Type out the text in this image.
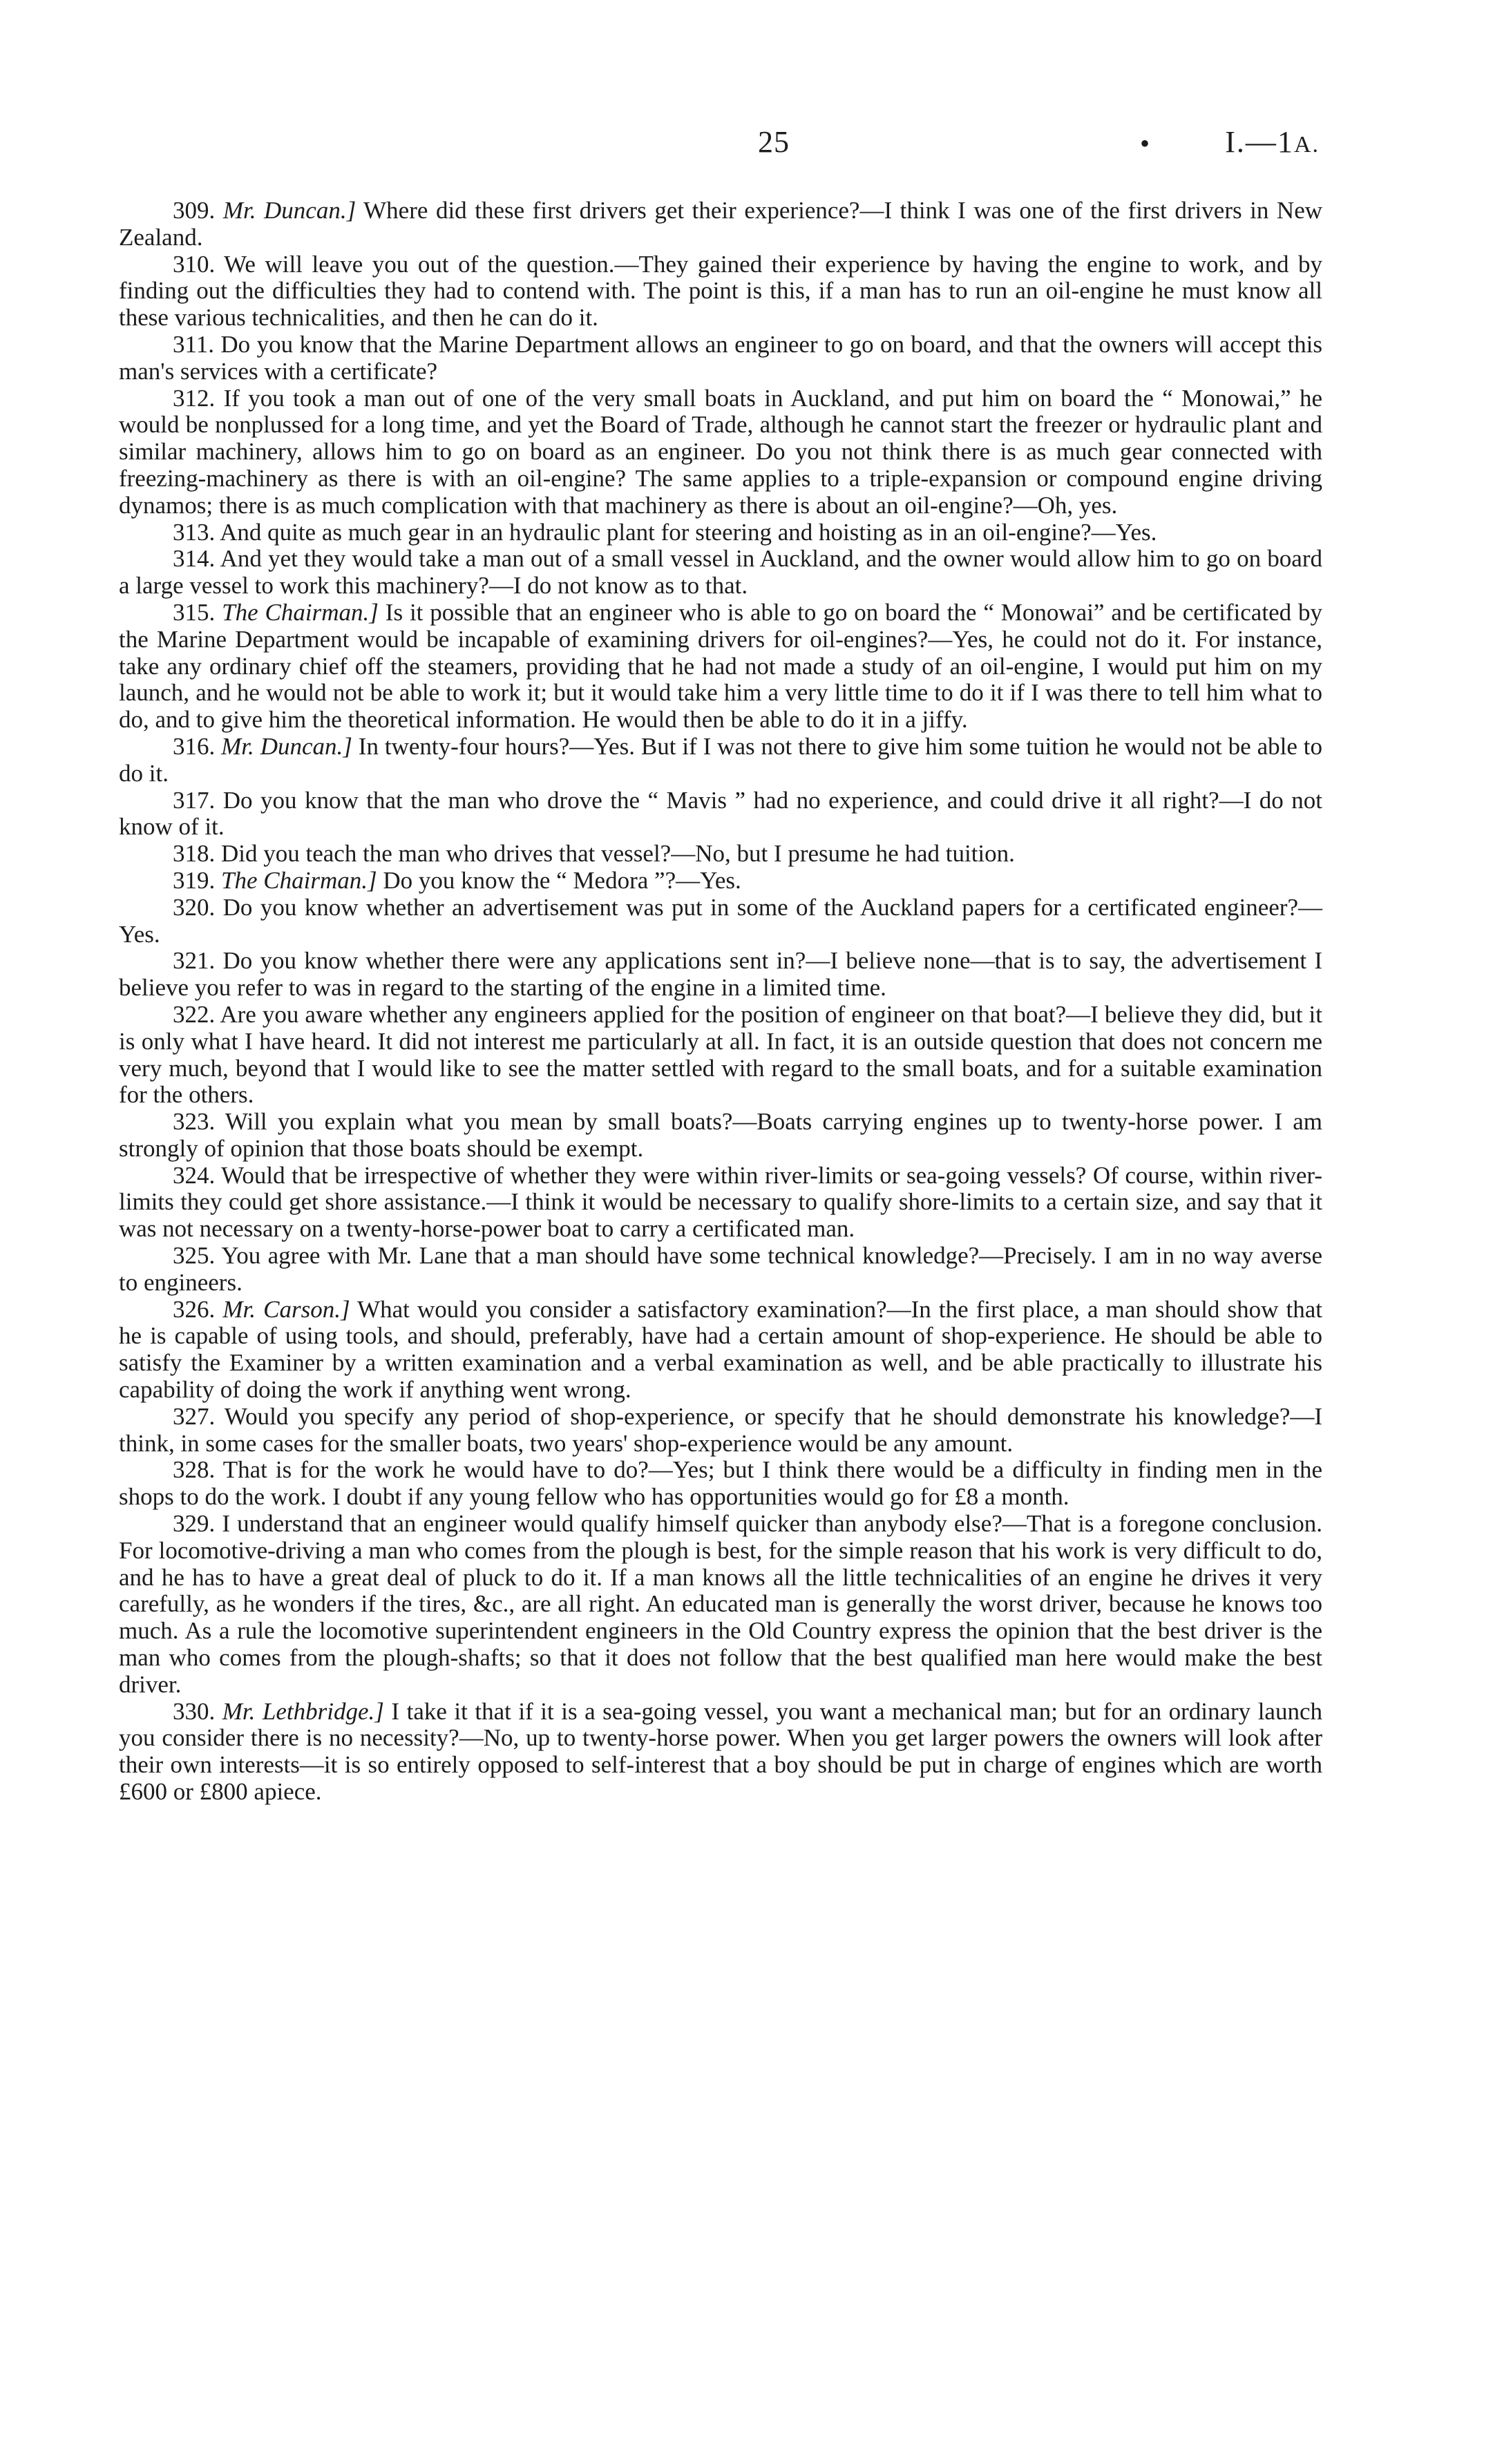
25	• I.—1A.

309. Mr. Duncan.] Where did these first drivers get their experience?—I think I was one of the first drivers in New Zealand.

310. We will leave you out of the question.—They gained their experience by having the engine to work, and by finding out the difficulties they had to contend with. The point is this, if a man has to run an oil-engine he must know all these various technicalities, and then he can do it.

311. Do you know that the Marine Department allows an engineer to go on board, and that the owners will accept this man's services with a certificate?

312. If you took a man out of one of the very small boats in Auckland, and put him on board the “ Monowai,” he would be nonplussed for a long time, and yet the Board of Trade, although he cannot start the freezer or hydraulic plant and similar machinery, allows him to go on board as an engineer. Do you not think there is as much gear connected with freezing-machinery as there is with an oil-engine? The same applies to a triple-expansion or compound engine driving dynamos; there is as much complication with that machinery as there is about an oil-engine?—Oh, yes.

313. And quite as much gear in an hydraulic plant for steering and hoisting as in an oil-engine?—Yes.

314. And yet they would take a man out of a small vessel in Auckland, and the owner would allow him to go on board a large vessel to work this machinery?—I do not know as to that.

315. The Chairman.] Is it possible that an engineer who is able to go on board the “ Monowai” and be certificated by the Marine Department would be incapable of examining drivers for oil-engines?—Yes, he could not do it. For instance, take any ordinary chief off the steamers, providing that he had not made a study of an oil-engine, I would put him on my launch, and he would not be able to work it; but it would take him a very little time to do it if I was there to tell him what to do, and to give him the theoretical information. He would then be able to do it in a jiffy.

316. Mr. Duncan.] In twenty-four hours?—Yes. But if I was not there to give him some tuition he would not be able to do it.

317. Do you know that the man who drove the “ Mavis ” had no experience, and could drive it all right?—I do not know of it.

318. Did you teach the man who drives that vessel?—No, but I presume he had tuition.

319. The Chairman.] Do you know the “ Medora ”?—Yes.

320. Do you know whether an advertisement was put in some of the Auckland papers for a certificated engineer?—Yes.

321. Do you know whether there were any applications sent in?—I believe none—that is to say, the advertisement I believe you refer to was in regard to the starting of the engine in a limited time.

322. Are you aware whether any engineers applied for the position of engineer on that boat?—I believe they did, but it is only what I have heard. It did not interest me particularly at all. In fact, it is an outside question that does not concern me very much, beyond that I would like to see the matter settled with regard to the small boats, and for a suitable examination for the others.

323. Will you explain what you mean by small boats?—Boats carrying engines up to twenty-horse power. I am strongly of opinion that those boats should be exempt.

324. Would that be irrespective of whether they were within river-limits or sea-going vessels? Of course, within river-limits they could get shore assistance.—I think it would be necessary to qualify shore-limits to a certain size, and say that it was not necessary on a twenty-horse-power boat to carry a certificated man.

325. You agree with Mr. Lane that a man should have some technical knowledge?—Precisely. I am in no way averse to engineers.

326. Mr. Carson.] What would you consider a satisfactory examination?—In the first place, a man should show that he is capable of using tools, and should, preferably, have had a certain amount of shop-experience. He should be able to satisfy the Examiner by a written examination and a verbal examination as well, and be able practically to illustrate his capability of doing the work if anything went wrong.

327. Would you specify any period of shop-experience, or specify that he should demonstrate his knowledge?—I think, in some cases for the smaller boats, two years' shop-experience would be any amount.

328. That is for the work he would have to do?—Yes; but I think there would be a difficulty in finding men in the shops to do the work. I doubt if any young fellow who has opportunities would go for £8 a month.

329. I understand that an engineer would qualify himself quicker than anybody else?—That is a foregone conclusion. For locomotive-driving a man who comes from the plough is best, for the simple reason that his work is very difficult to do, and he has to have a great deal of pluck to do it. If a man knows all the little technicalities of an engine he drives it very carefully, as he wonders if the tires, &c., are all right. An educated man is generally the worst driver, because he knows too much. As a rule the locomotive superintendent engineers in the Old Country express the opinion that the best driver is the man who comes from the plough-shafts; so that it does not follow that the best qualified man here would make the best driver.

330. Mr. Lethbridge.] I take it that if it is a sea-going vessel, you want a mechanical man; but for an ordinary launch you consider there is no necessity?—No, up to twenty-horse power. When you get larger powers the owners will look after their own interests—it is so entirely opposed to self-interest that a boy should be put in charge of engines which are worth £600 or £800 apiece.
